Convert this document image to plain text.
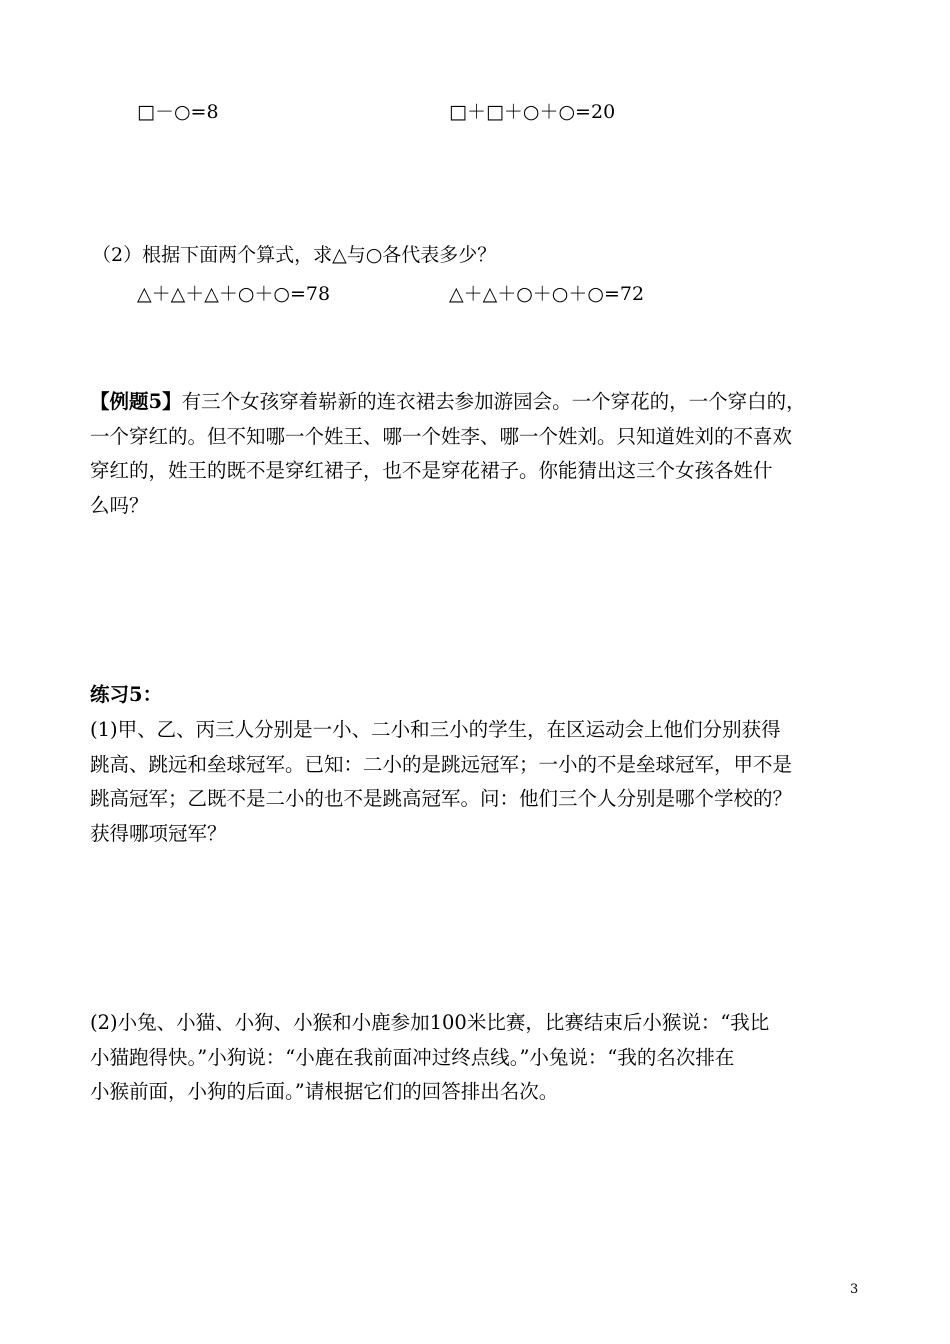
□－○=8	□＋□＋○＋○=20
（2）根据下面两个算式，求△与○各代表多少？
△＋△＋△＋○＋○=78	△＋△＋○＋○＋○=72

【例题5】有三个女孩穿着崭新的连衣裙去参加游园会。一个穿花的，一个穿白的，

一个穿红的。但不知哪一个姓王、哪一个姓李、哪一个姓刘。只知道姓刘的不喜欢

穿红的，姓王的既不是穿红裙子，也不是穿花裙子。你能猜出这三个女孩各姓什

么吗？

练习5：

(1)甲、乙、丙三人分别是一小、二小和三小的学生，在区运动会上他们分别获得

跳高、跳远和垒球冠军。已知：二小的是跳远冠军；一小的不是垒球冠军，甲不是

跳高冠军；乙既不是二小的也不是跳高冠军。问：他们三个人分别是哪个学校的？

获得哪项冠军？

(2)小兔、小猫、小狗、小猴和小鹿参加100米比赛，比赛结束后小猴说：“我比

小猫跑得快。”小狗说：“小鹿在我前面冲过终点线。”小兔说：“我的名次排在

小猴前面，小狗的后面。”请根据它们的回答排出名次。

3
